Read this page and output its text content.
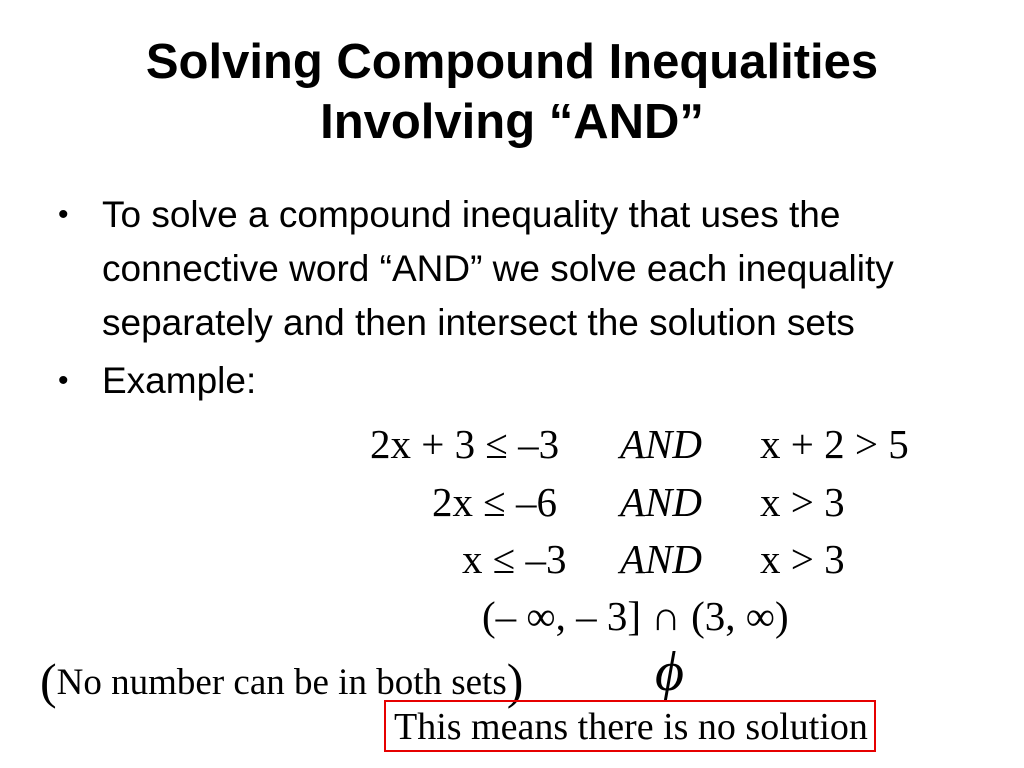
Solving Compound Inequalities
Involving “AND”
• To solve a compound inequality that uses the connective word “AND” we solve each inequality separately and then intersect the solution sets
• Example:
2x + 3 ≤ –3 AND x + 2 > 5
2x ≤ –6 AND x > 3
x ≤ –3 AND x > 3
(– ∞, – 3] ∩ (3, ∞)
(No number can be in both sets) ϕ
This means there is no solution
